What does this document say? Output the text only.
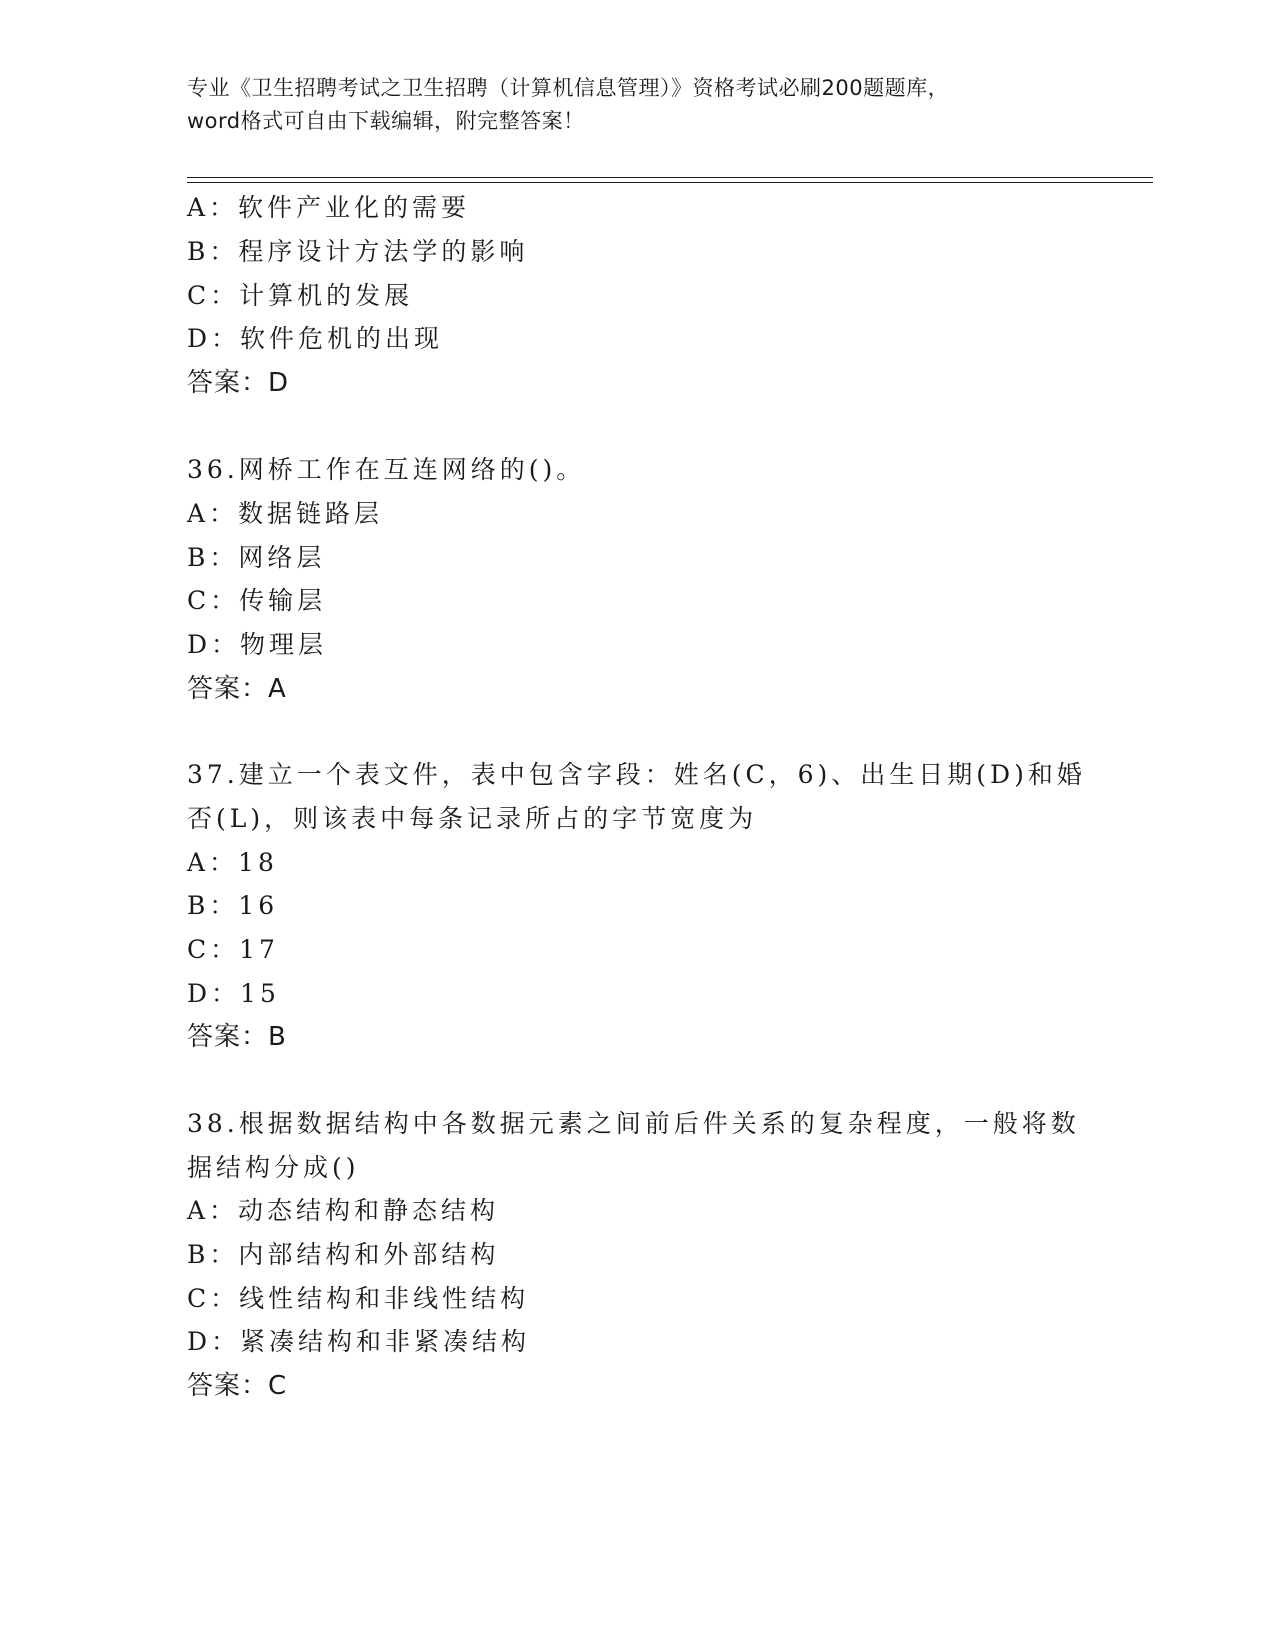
专业《卫生招聘考试之卫生招聘（计算机信息管理）》资格考试必刷200题题库，
word格式可自由下载编辑，附完整答案！
A：软件产业化的需要
B：程序设计方法学的影响
C：计算机的发展
D：软件危机的出现
答案：D
36.网桥工作在互连网络的()。
A：数据链路层
B：网络层
C：传输层
D：物理层
答案：A
37.建立一个表文件，表中包含字段：姓名(C，6)、出生日期(D)和婚
否(L)，则该表中每条记录所占的字节宽度为
A：18
B：16
C：17
D：15
答案：B
38.根据数据结构中各数据元素之间前后件关系的复杂程度，一般将数
据结构分成()
A：动态结构和静态结构
B：内部结构和外部结构
C：线性结构和非线性结构
D：紧凑结构和非紧凑结构
答案：C
